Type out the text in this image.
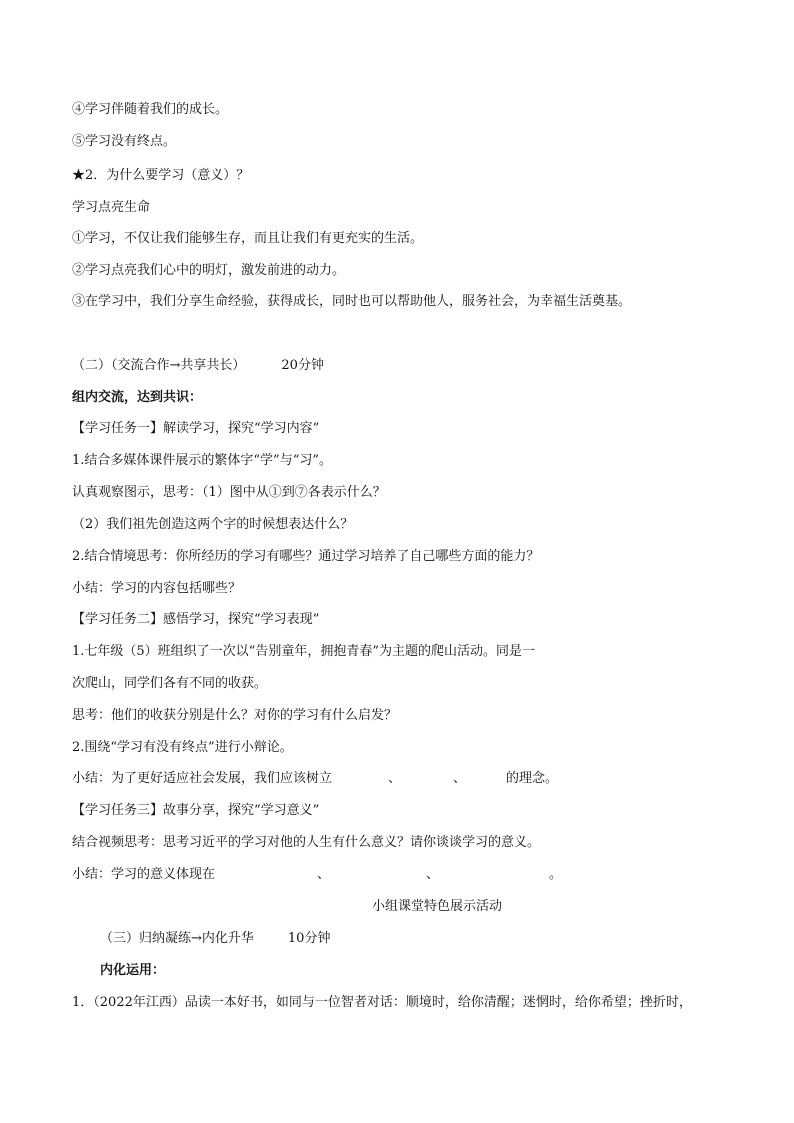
④学习伴随着我们的成长。
⑤学习没有终点。
★2．为什么要学习（意义）？
学习点亮生命
①学习，不仅让我们能够生存，而且让我们有更充实的生活。
②学习点亮我们心中的明灯，激发前进的动力。
③在学习中，我们分享生命经验，获得成长，同时也可以帮助他人，服务社会，为幸福生活奠基。
（二）（交流合作→共享共长）	20分钟
组内交流，达到共识：
【学习任务一】解读学习，探究“学习内容”
1.结合多媒体课件展示的繁体字“学”与“习”。
认真观察图示，思考：（1）图中从①到⑦各表示什么？
（2）我们祖先创造这两个字的时候想表达什么？
2.结合情境思考：你所经历的学习有哪些？通过学习培养了自己哪些方面的能力？
小结：学习的内容包括哪些？
【学习任务二】感悟学习，探究“学习表现”
1.七年级（5）班组织了一次以“告别童年，拥抱青春”为主题的爬山活动。同是一
次爬山，同学们各有不同的收获。
思考：他们的收获分别是什么？对你的学习有什么启发？
2.围绕“学习有没有终点”进行小辩论。
小结：为了更好适应社会发展，我们应该树立	、	、	的理念。
【学习任务三】故事分享，探究“学习意义”
结合视频思考：思考习近平的学习对他的人生有什么意义？请你谈谈学习的意义。
小结：学习的意义体现在	、	、	。
小组课堂特色展示活动
（三）归纳凝练→内化升华	10分钟
内化运用：
1．（2022年江西）品读一本好书，如同与一位智者对话：顺境时，给你清醒；迷惘时，给你希望；挫折时，
